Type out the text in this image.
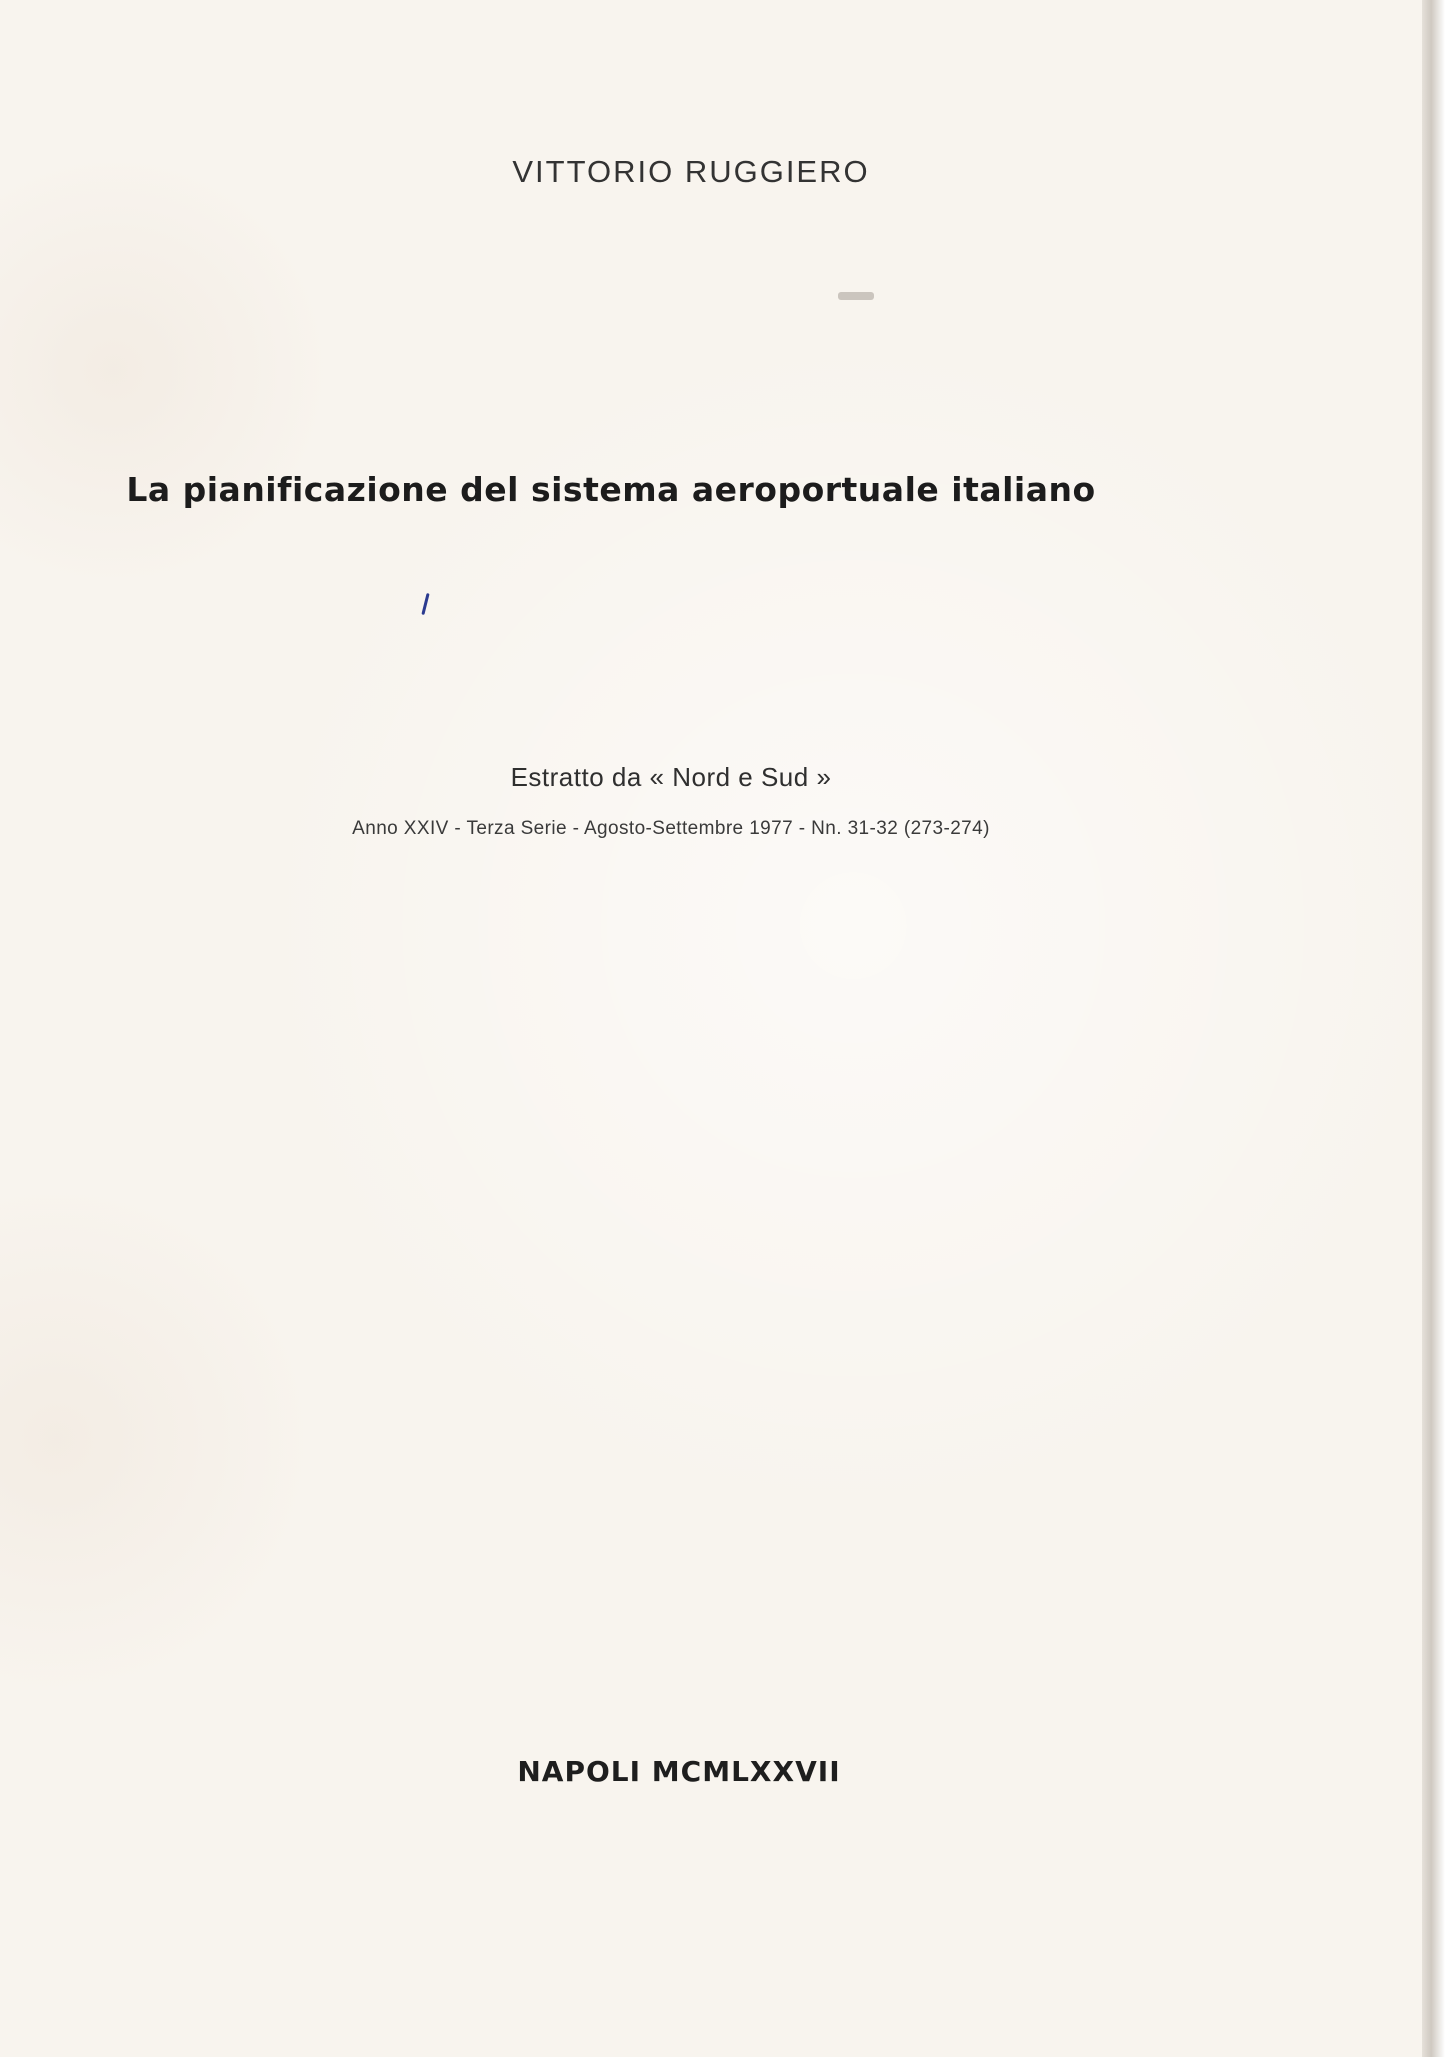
VITTORIO RUGGIERO
La pianificazione del sistema aeroportuale italiano
Estratto da « Nord e Sud »
Anno XXIV - Terza Serie - Agosto-Settembre 1977 - Nn. 31-32 (273-274)
NAPOLI MCMLXXVII
